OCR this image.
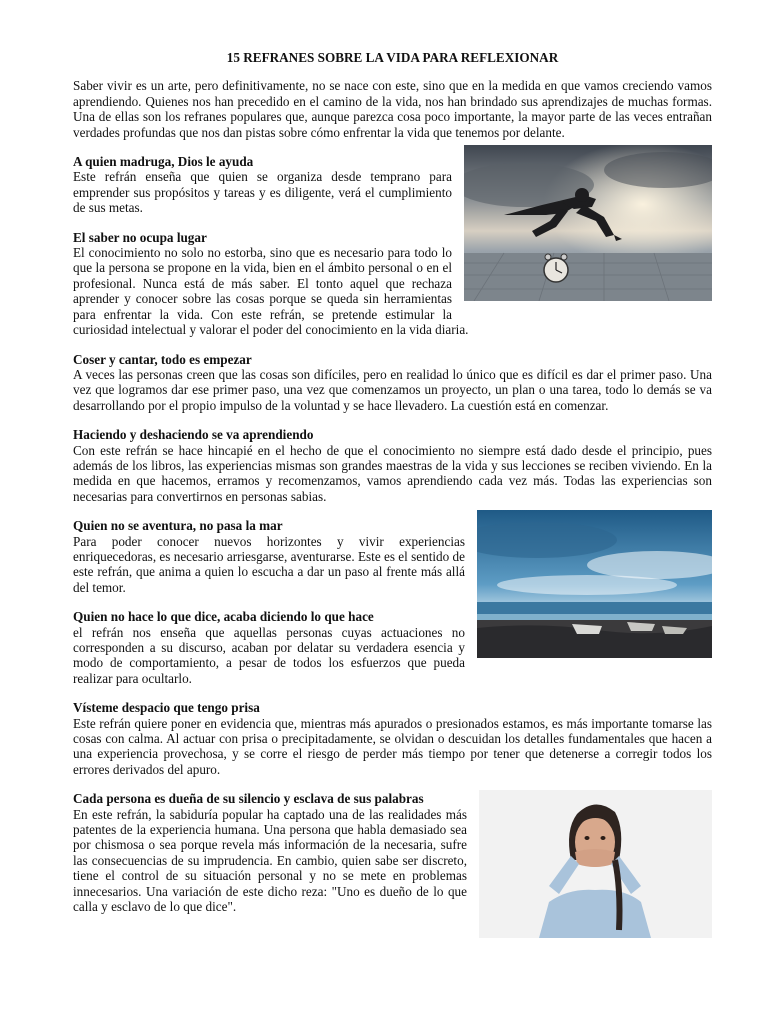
15 REFRANES SOBRE LA VIDA PARA REFLEXIONAR

Saber vivir es un arte, pero definitivamente, no se nace con este, sino que en la medida en que vamos creciendo vamos aprendiendo. Quienes nos han precedido en el camino de la vida, nos han brindado sus aprendizajes de muchas formas. Una de ellas son los refranes populares que, aunque parezca cosa poco importante, la mayor parte de las veces entrañan verdades profundas que nos dan pistas sobre cómo enfrentar la vida que tenemos por delante.

A quien madruga, Dios le ayuda

Este refrán enseña que quien se organiza desde temprano para emprender sus propósitos y tareas y es diligente, verá el cumplimiento de sus metas.

El saber no ocupa lugar

El conocimiento no solo no estorba, sino que es necesario para todo lo que la persona se propone en la vida, bien en el ámbito personal o en el profesional. Nunca está de más saber. El tonto aquel que rechaza aprender y conocer sobre las cosas porque se queda sin herramientas para enfrentar la vida. Con este refrán, se pretende estimular la curiosidad intelectual y valorar el poder del conocimiento en la vida diaria.

Coser y cantar, todo es empezar

A veces las personas creen que las cosas son difíciles, pero en realidad lo único que es difícil es dar el primer paso. Una vez que logramos dar ese primer paso, una vez que comenzamos un proyecto, un plan o una tarea, todo lo demás se va desarrollando por el propio impulso de la voluntad y se hace llevadero. La cuestión está en comenzar.

Haciendo y deshaciendo se va aprendiendo

Con este refrán se hace hincapié en el hecho de que el conocimiento no siempre está dado desde el principio, pues además de los libros, las experiencias mismas son grandes maestras de la vida y sus lecciones se reciben viviendo. En la medida en que hacemos, erramos y recomenzamos, vamos aprendiendo cada vez más. Todas las experiencias son necesarias para convertirnos en personas sabias.

Quien no se aventura, no pasa la mar

Para poder conocer nuevos horizontes y vivir experiencias enriquecedoras, es necesario arriesgarse, aventurarse. Este es el sentido de este refrán, que anima a quien lo escucha a dar un paso al frente más allá del temor.

Quien no hace lo que dice, acaba diciendo lo que hace

el refrán nos enseña que aquellas personas cuyas actuaciones no corresponden a su discurso, acaban por delatar su verdadera esencia y modo de comportamiento, a pesar de todos los esfuerzos que pueda realizar para ocultarlo.

Vísteme despacio que tengo prisa

Este refrán quiere poner en evidencia que, mientras más apurados o presionados estamos, es más importante tomarse las cosas con calma. Al actuar con prisa o precipitadamente, se olvidan o descuidan los detalles fundamentales que hacen a una experiencia provechosa, y se corre el riesgo de perder más tiempo por tener que detenerse a corregir todos los errores derivados del apuro.

Cada persona es dueña de su silencio y esclava de sus palabras

En este refrán, la sabiduría popular ha captado una de las realidades más patentes de la experiencia humana. Una persona que habla demasiado sea por chismosa o sea porque revela más información de la necesaria, sufre las consecuencias de su imprudencia. En cambio, quien sabe ser discreto, tiene el control de su situación personal y no se mete en problemas innecesarios. Una variación de este dicho reza: "Uno es dueño de lo que calla y esclavo de lo que dice".
